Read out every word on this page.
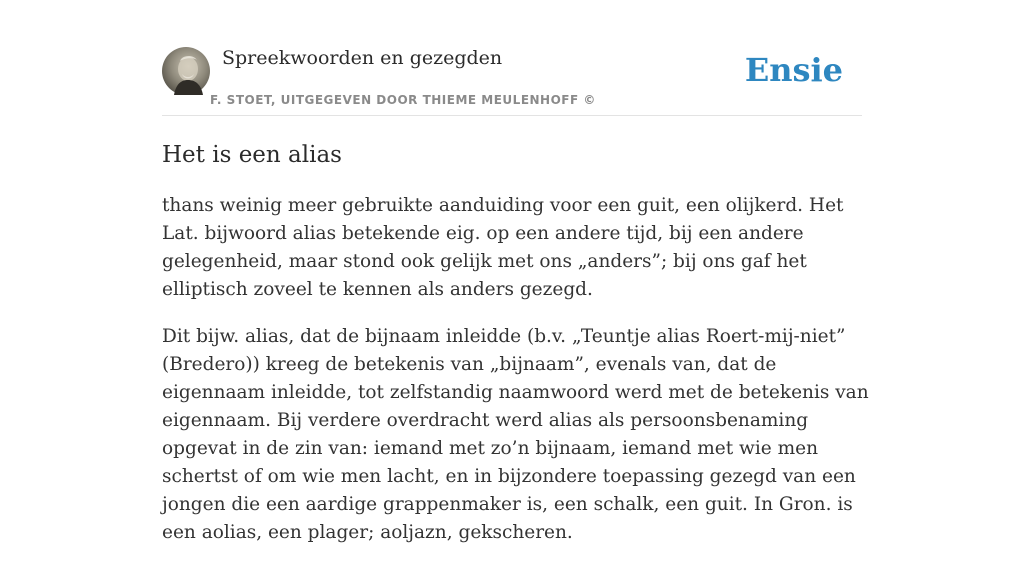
Spreekwoorden en gezegden
F. STOET, UITGEGEVEN DOOR THIEME MEULENHOFF ©
Ensie
Het is een alias

thans weinig meer gebruikte aanduiding voor een guit, een olijkerd. Het Lat. bijwoord alias betekende eig. op een andere tijd, bij een andere gelegenheid, maar stond ook gelijk met ons „anders”; bij ons gaf het elliptisch zoveel te kennen als anders gezegd.

Dit bijw. alias, dat de bijnaam inleidde (b.v. „Teuntje alias Roert-mij-niet” (Bredero)) kreeg de betekenis van „bijnaam”, evenals van, dat de eigennaam inleidde, tot zelfstandig naamwoord werd met de betekenis van eigennaam. Bij verdere overdracht werd alias als persoonsbenaming opgevat in de zin van: iemand met zo’n bijnaam, iemand met wie men schertst of om wie men lacht, en in bijzondere toepassing gezegd van een jongen die een aardige grappenmaker is, een schalk, een guit. In Gron. is een aolias, een plager; aoljazn, gekscheren.
